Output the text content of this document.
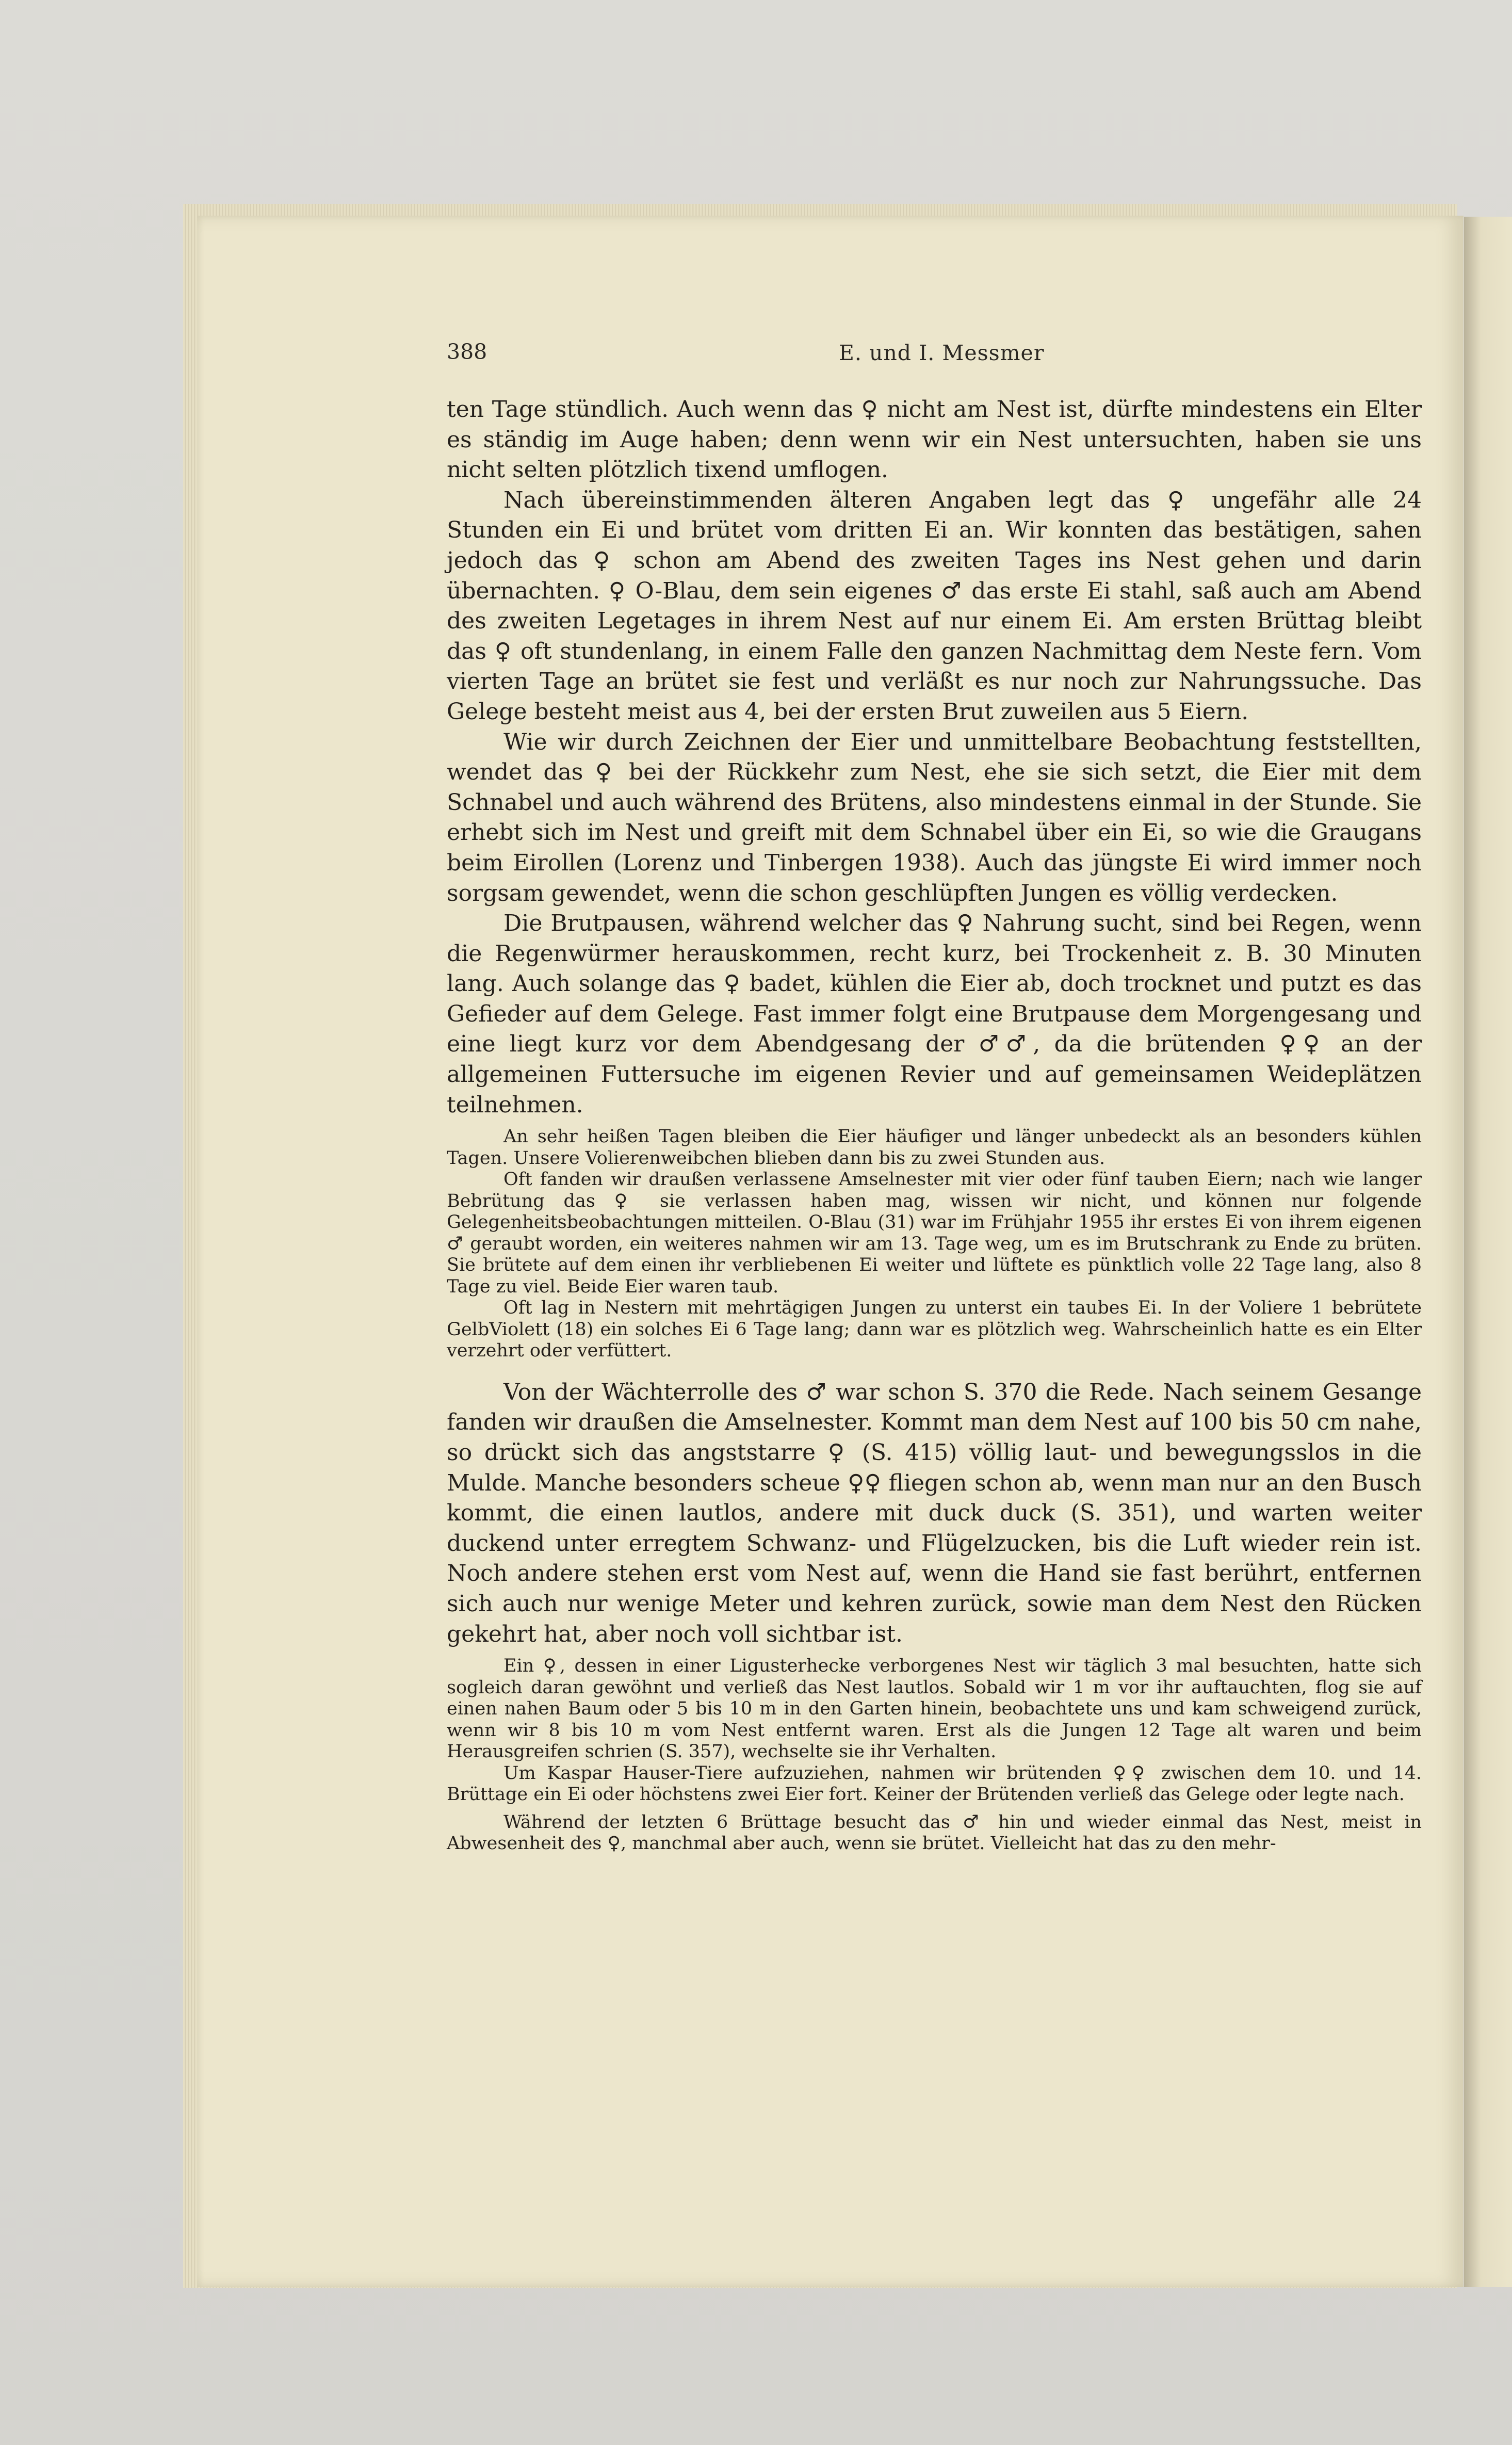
388	E. und I. Messmer

ten Tage stündlich. Auch wenn das ♀ nicht am Nest ist, dürfte mindestens ein Elter es ständig im Auge haben; denn wenn wir ein Nest untersuchten, haben sie uns nicht selten plötzlich tixend umflogen.

Nach übereinstimmenden älteren Angaben legt das ♀ ungefähr alle 24 Stunden ein Ei und brütet vom dritten Ei an. Wir konnten das bestätigen, sahen jedoch das ♀ schon am Abend des zweiten Tages ins Nest gehen und darin übernachten. ♀ O-Blau, dem sein eigenes ♂ das erste Ei stahl, saß auch am Abend des zweiten Legetages in ihrem Nest auf nur einem Ei. Am ersten Brüttag bleibt das ♀ oft stundenlang, in einem Falle den ganzen Nachmittag dem Neste fern. Vom vierten Tage an brütet sie fest und verläßt es nur noch zur Nahrungssuche. Das Gelege besteht meist aus 4, bei der ersten Brut zuweilen aus 5 Eiern.

Wie wir durch Zeichnen der Eier und unmittelbare Beobachtung feststellten, wendet das ♀ bei der Rückkehr zum Nest, ehe sie sich setzt, die Eier mit dem Schnabel und auch während des Brütens, also mindestens einmal in der Stunde. Sie erhebt sich im Nest und greift mit dem Schnabel über ein Ei, so wie die Graugans beim Eirollen (Lorenz und Tinbergen 1938). Auch das jüngste Ei wird immer noch sorgsam gewendet, wenn die schon geschlüpften Jungen es völlig verdecken.

Die Brutpausen, während welcher das ♀ Nahrung sucht, sind bei Regen, wenn die Regenwürmer herauskommen, recht kurz, bei Trockenheit z. B. 30 Minuten lang. Auch solange das ♀ badet, kühlen die Eier ab, doch trocknet und putzt es das Gefieder auf dem Gelege. Fast immer folgt eine Brutpause dem Morgengesang und eine liegt kurz vor dem Abendgesang der ♂♂, da die brütenden ♀♀ an der allgemeinen Futtersuche im eigenen Revier und auf gemeinsamen Weideplätzen teilnehmen.

An sehr heißen Tagen bleiben die Eier häufiger und länger unbedeckt als an besonders kühlen Tagen. Unsere Volierenweibchen blieben dann bis zu zwei Stunden aus.

Oft fanden wir draußen verlassene Amselnester mit vier oder fünf tauben Eiern; nach wie langer Bebrütung das ♀ sie verlassen haben mag, wissen wir nicht, und können nur folgende Gelegenheitsbeobachtungen mitteilen. O-Blau (31) war im Frühjahr 1955 ihr erstes Ei von ihrem eigenen ♂ geraubt worden, ein weiteres nahmen wir am 13. Tage weg, um es im Brutschrank zu Ende zu brüten. Sie brütete auf dem einen ihr verbliebenen Ei weiter und lüftete es pünktlich volle 22 Tage lang, also 8 Tage zu viel. Beide Eier waren taub.

Oft lag in Nestern mit mehrtägigen Jungen zu unterst ein taubes Ei. In der Voliere 1 bebrütete GelbViolett (18) ein solches Ei 6 Tage lang; dann war es plötzlich weg. Wahrscheinlich hatte es ein Elter verzehrt oder verfüttert.

Von der Wächterrolle des ♂ war schon S. 370 die Rede. Nach seinem Gesange fanden wir draußen die Amselnester. Kommt man dem Nest auf 100 bis 50 cm nahe, so drückt sich das angststarre ♀ (S. 415) völlig laut- und bewegungsslos in die Mulde. Manche besonders scheue ♀♀ fliegen schon ab, wenn man nur an den Busch kommt, die einen lautlos, andere mit duck duck (S. 351), und warten weiter duckend unter erregtem Schwanz- und Flügelzucken, bis die Luft wieder rein ist. Noch andere stehen erst vom Nest auf, wenn die Hand sie fast berührt, entfernen sich auch nur wenige Meter und kehren zurück, sowie man dem Nest den Rücken gekehrt hat, aber noch voll sichtbar ist.

Ein ♀, dessen in einer Ligusterhecke verborgenes Nest wir täglich 3 mal besuchten, hatte sich sogleich daran gewöhnt und verließ das Nest lautlos. Sobald wir 1 m vor ihr auftauchten, flog sie auf einen nahen Baum oder 5 bis 10 m in den Garten hinein, beobachtete uns und kam schweigend zurück, wenn wir 8 bis 10 m vom Nest entfernt waren. Erst als die Jungen 12 Tage alt waren und beim Herausgreifen schrien (S. 357), wechselte sie ihr Verhalten.

Um Kaspar Hauser-Tiere aufzuziehen, nahmen wir brütenden ♀♀ zwischen dem 10. und 14. Brüttage ein Ei oder höchstens zwei Eier fort. Keiner der Brütenden verließ das Gelege oder legte nach.

Während der letzten 6 Brüttage besucht das ♂ hin und wieder einmal das Nest, meist in Abwesenheit des ♀, manchmal aber auch, wenn sie brütet. Vielleicht hat das zu den mehr-
